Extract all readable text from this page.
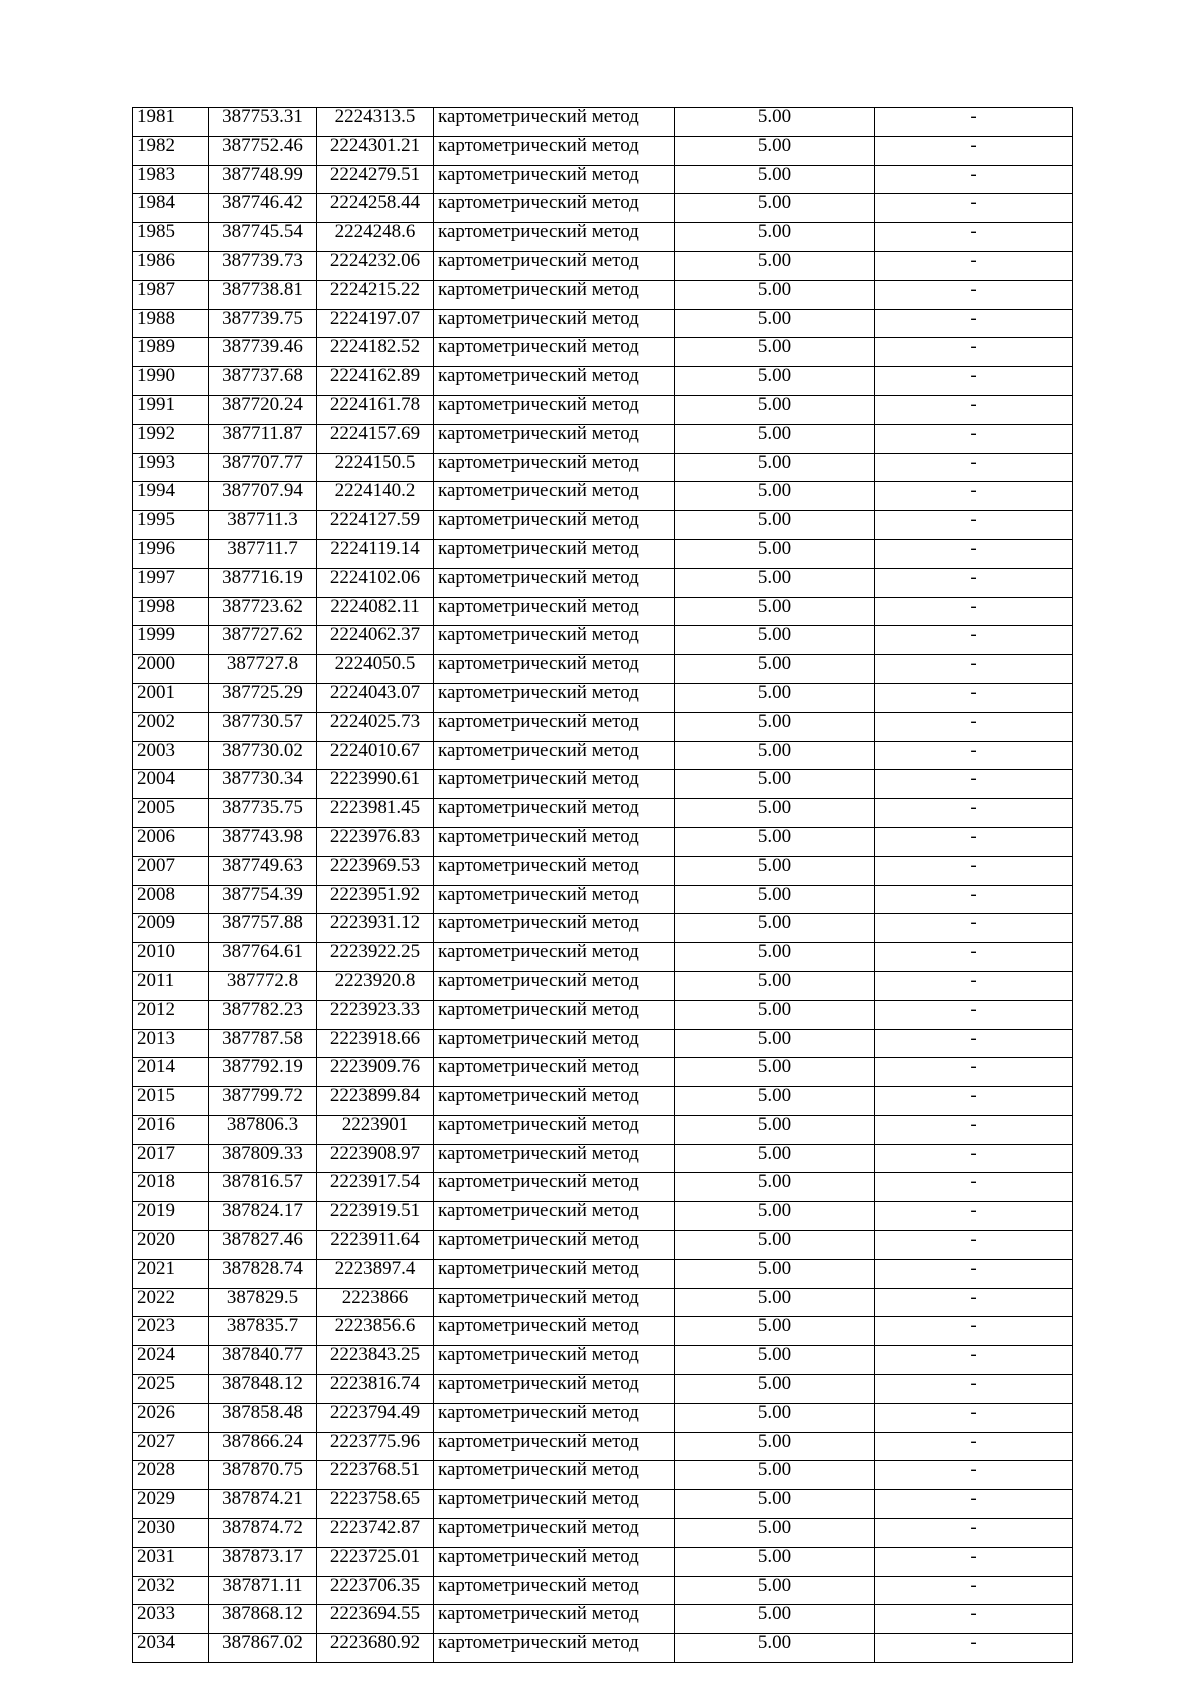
1981	387753.31	2224313.5	картометрический метод	5.00	-
1982	387752.46	2224301.21	картометрический метод	5.00	-
1983	387748.99	2224279.51	картометрический метод	5.00	-
1984	387746.42	2224258.44	картометрический метод	5.00	-
1985	387745.54	2224248.6	картометрический метод	5.00	-
1986	387739.73	2224232.06	картометрический метод	5.00	-
1987	387738.81	2224215.22	картометрический метод	5.00	-
1988	387739.75	2224197.07	картометрический метод	5.00	-
1989	387739.46	2224182.52	картометрический метод	5.00	-
1990	387737.68	2224162.89	картометрический метод	5.00	-
1991	387720.24	2224161.78	картометрический метод	5.00	-
1992	387711.87	2224157.69	картометрический метод	5.00	-
1993	387707.77	2224150.5	картометрический метод	5.00	-
1994	387707.94	2224140.2	картометрический метод	5.00	-
1995	387711.3	2224127.59	картометрический метод	5.00	-
1996	387711.7	2224119.14	картометрический метод	5.00	-
1997	387716.19	2224102.06	картометрический метод	5.00	-
1998	387723.62	2224082.11	картометрический метод	5.00	-
1999	387727.62	2224062.37	картометрический метод	5.00	-
2000	387727.8	2224050.5	картометрический метод	5.00	-
2001	387725.29	2224043.07	картометрический метод	5.00	-
2002	387730.57	2224025.73	картометрический метод	5.00	-
2003	387730.02	2224010.67	картометрический метод	5.00	-
2004	387730.34	2223990.61	картометрический метод	5.00	-
2005	387735.75	2223981.45	картометрический метод	5.00	-
2006	387743.98	2223976.83	картометрический метод	5.00	-
2007	387749.63	2223969.53	картометрический метод	5.00	-
2008	387754.39	2223951.92	картометрический метод	5.00	-
2009	387757.88	2223931.12	картометрический метод	5.00	-
2010	387764.61	2223922.25	картометрический метод	5.00	-
2011	387772.8	2223920.8	картометрический метод	5.00	-
2012	387782.23	2223923.33	картометрический метод	5.00	-
2013	387787.58	2223918.66	картометрический метод	5.00	-
2014	387792.19	2223909.76	картометрический метод	5.00	-
2015	387799.72	2223899.84	картометрический метод	5.00	-
2016	387806.3	2223901	картометрический метод	5.00	-
2017	387809.33	2223908.97	картометрический метод	5.00	-
2018	387816.57	2223917.54	картометрический метод	5.00	-
2019	387824.17	2223919.51	картометрический метод	5.00	-
2020	387827.46	2223911.64	картометрический метод	5.00	-
2021	387828.74	2223897.4	картометрический метод	5.00	-
2022	387829.5	2223866	картометрический метод	5.00	-
2023	387835.7	2223856.6	картометрический метод	5.00	-
2024	387840.77	2223843.25	картометрический метод	5.00	-
2025	387848.12	2223816.74	картометрический метод	5.00	-
2026	387858.48	2223794.49	картометрический метод	5.00	-
2027	387866.24	2223775.96	картометрический метод	5.00	-
2028	387870.75	2223768.51	картометрический метод	5.00	-
2029	387874.21	2223758.65	картометрический метод	5.00	-
2030	387874.72	2223742.87	картометрический метод	5.00	-
2031	387873.17	2223725.01	картометрический метод	5.00	-
2032	387871.11	2223706.35	картометрический метод	5.00	-
2033	387868.12	2223694.55	картометрический метод	5.00	-
2034	387867.02	2223680.92	картометрический метод	5.00	-
